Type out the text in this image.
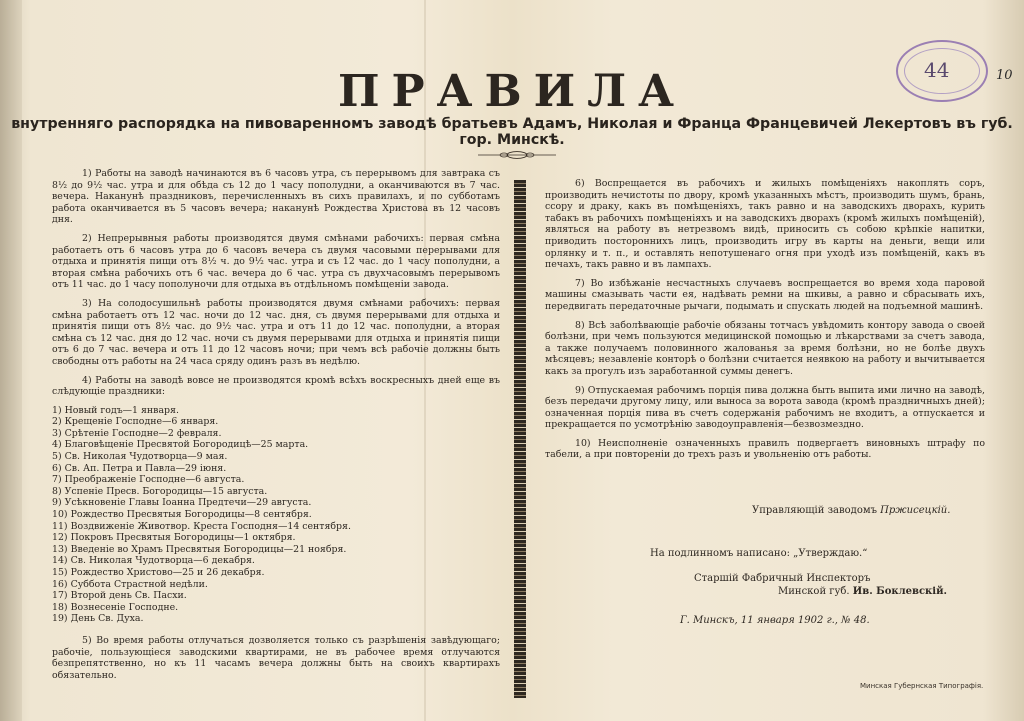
44	10
ПРАВИЛА
внутренняго распорядка на пивоваренномъ заводѣ братьевъ Адамъ, Николая и Франца Францевичей Лекертовъ въ губ. гор. Минскѣ.

1) Работы на заводѣ начинаются въ 6 часовъ утра, съ перерывомъ для завтрака съ 8½ до 9½ час. утра и для обѣда съ 12 до 1 часу пополудни, а оканчиваются въ 7 час. вечера. Наканунѣ праздниковъ, перечисленныхъ въ сихъ правилахъ, и по субботамъ работа оканчивается въ 5 часовъ вечера; наканунѣ Рождества Христова въ 12 часовъ дня.

2) Непрерывныя работы производятся двумя смѣнами рабочихъ: первая смѣна работаетъ отъ 6 часовъ утра до 6 часовъ вечера съ двумя часовыми перерывами для отдыха и принятія пищи отъ 8½ ч. до 9½ час. утра и съ 12 час. до 1 часу пополудни, а вторая смѣна рабочихъ отъ 6 час. вечера до 6 час. утра съ двухчасовымъ перерывомъ отъ 11 час. до 1 часу пополуночи для отдыха въ отдѣльномъ помѣщеніи завода.

3) На солодосушильнѣ работы производятся двумя смѣнами рабочихъ: первая смѣна работаетъ отъ 12 час. ночи до 12 час. дня, съ двумя перерывами для отдыха и принятія пищи отъ 8½ час. до 9½ час. утра и отъ 11 до 12 час. пополудни, а вторая смѣна съ 12 час. дня до 12 час. ночи съ двумя перерывами для отдыха и принятія пищи отъ 6 до 7 час. вечера и отъ 11 до 12 часовъ ночи; при чемъ всѣ рабочіе должны быть свободны отъ работы на 24 часа сряду одинъ разъ въ недѣлю.

4) Работы на заводѣ вовсе не производятся кромѣ всѣхъ воскресныхъ дней еще въ слѣдующіе праздники:

1) Новый годъ—1 января.
2) Крещеніе Господне—6 января.
3) Срѣтеніе Господне—2 февраля.
4) Благовѣщеніе Пресвятой Богородицѣ—25 марта.
5) Св. Николая Чудотворца—9 мая.
6) Св. Ап. Петра и Павла—29 іюня.
7) Преображеніе Господне—6 августа.
8) Успеніе Пресв. Богородицы—15 августа.
9) Усѣкновеніе Главы Іоанна Предтечи—29 августа.
10) Рождество Пресвятыя Богородицы—8 сентября.
11) Воздвиженіе Животвор. Креста Господня—14 сентября.
12) Покровъ Пресвятыя Богородицы—1 октября.
13) Введеніе во Храмъ Пресвятыя Богородицы—21 ноября.
14) Св. Николая Чудотворца—6 декабря.
15) Рождество Христово—25 и 26 декабря.
16) Суббота Страстной недѣли.
17) Второй день Св. Пасхи.
18) Вознесеніе Господне.
19) День Св. Духа.

5) Во время работы отлучаться дозволяется только съ разрѣшенія завѣдующаго; рабочіе, пользующіеся заводскими квартирами, не въ рабочее время отлучаются безпрепятственно, но къ 11 часамъ вечера должны быть на своихъ квартирахъ обязательно.

6) Воспрещается въ рабочихъ и жилыхъ помѣщеніяхъ накоплять соръ, производить нечистоты по двору, кромѣ указанныхъ мѣстъ, производить шумъ, брань, ссору и драку, какъ въ помѣщеніяхъ, такъ равно и на заводскихъ дворахъ, курить табакъ въ рабочихъ помѣщеніяхъ и на заводскихъ дворахъ (кромѣ жилыхъ помѣщеній), являться на работу въ нетрезвомъ видѣ, приносить съ собою крѣпкіе напитки, приводить постороннихъ лицъ, производить игру въ карты на деньги, вещи или орлянку и т. п., и оставлять непотушенаго огня при уходѣ изъ помѣщеній, какъ въ печахъ, такъ равно и въ лампахъ.

7) Во избѣжаніе несчастныхъ случаевъ воспрещается во время хода паровой машины смазывать части ея, надѣвать ремни на шкивы, а равно и сбрасывать ихъ, передвигать передаточные рычаги, подымать и спускать людей на подъемной машинѣ.

8) Всѣ заболѣвающіе рабочіе обязаны тотчасъ увѣдомить контору завода о своей болѣзни, при чемъ пользуются медицинской помощью и лѣкарствами за счетъ завода, а также получаемъ половинного жалованья за время болѣзни, но не болѣе двухъ мѣсяцевъ; незавленіе конторѣ о болѣзни считается неявкою на работу и вычитывается какъ за прогулъ изъ заработанной суммы денегъ.

9) Отпускаемая рабочимъ порція пива должна быть выпита ими лично на заводѣ, безъ передачи другому лицу, или выноса за ворота завода (кромѣ праздничныхъ дней); означенная порція пива въ счетъ содержанія рабочимъ не входитъ, а отпускается и прекращается по усмотрѣнію заводоуправленія—безвозмездно.

10) Неисполненіе означенныхъ правилъ подвергаетъ виновныхъ штрафу по табели, а при повтореніи до трехъ разъ и увольненію отъ работы.

Управляющій заводомъ Пржисецкій.
На подлинномъ написано: „Утверждаю.“
Старшій Фабричный Инспекторъ
Минской губ. Ив. Боклевскій.
Г. Минскъ, 11 января 1902 г., № 48.
Минская Губернская Типографія.
